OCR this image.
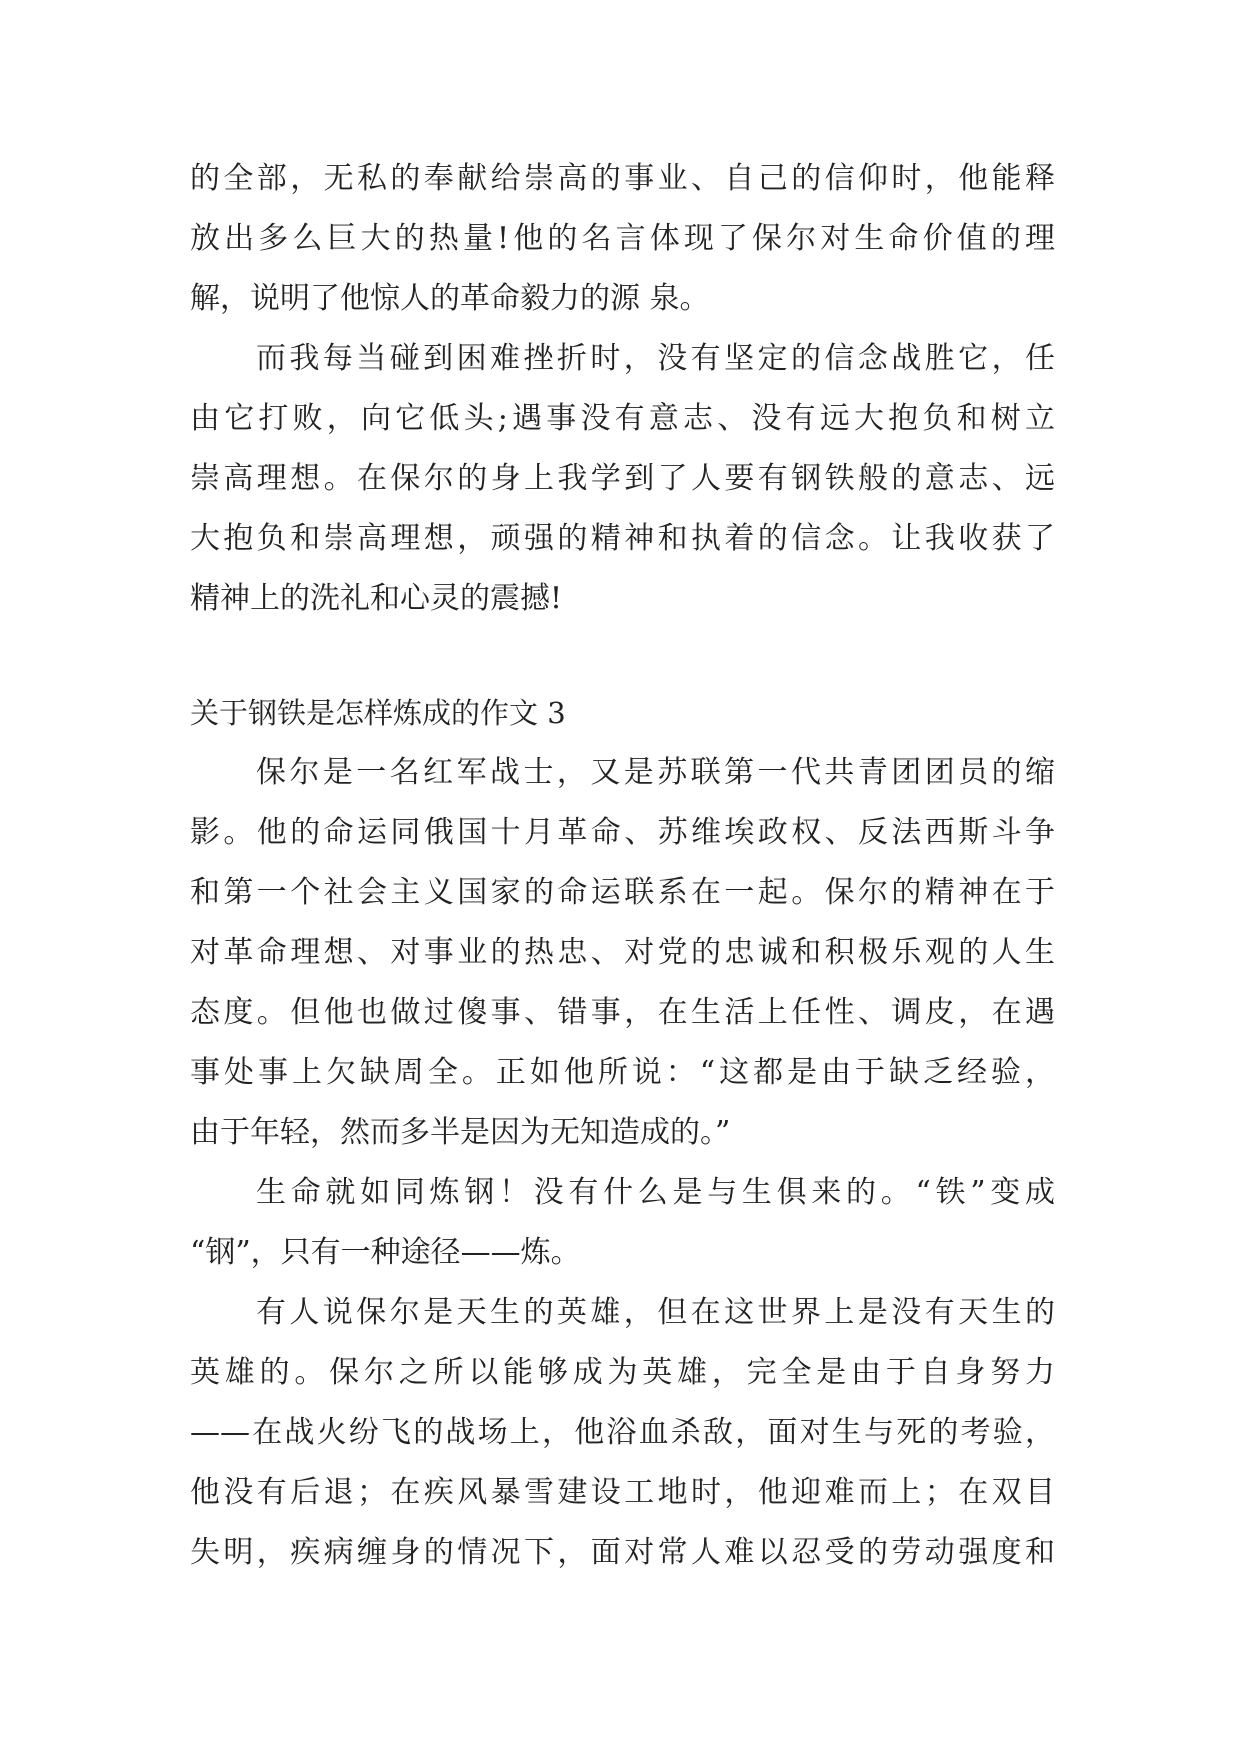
的全部，无私的奉献给崇高的事业、自己的信仰时，他能释
放出多么巨大的热量!他的名言体现了保尔对生命价值的理
解，说明了他惊人的革命毅力的源 泉。
而我每当碰到困难挫折时，没有坚定的信念战胜它，任
由它打败，向它低头;遇事没有意志、没有远大抱负和树立
崇高理想。在保尔的身上我学到了人要有钢铁般的意志、远
大抱负和崇高理想，顽强的精神和执着的信念。让我收获了
精神上的洗礼和心灵的震撼!
关于钢铁是怎样炼成的作文 3
保尔是一名红军战士，又是苏联第一代共青团团员的缩
影。他的命运同俄国十月革命、苏维埃政权、反法西斯斗争
和第一个社会主义国家的命运联系在一起。保尔的精神在于
对革命理想、对事业的热忠、对党的忠诚和积极乐观的人生
态度。但他也做过傻事、错事，在生活上任性、调皮，在遇
事处事上欠缺周全。正如他所说：“这都是由于缺乏经验，
由于年轻，然而多半是因为无知造成的。”
生命就如同炼钢！没有什么是与生俱来的。“铁”变成
“钢”，只有一种途径——炼。
有人说保尔是天生的英雄，但在这世界上是没有天生的
英雄的。保尔之所以能够成为英雄，完全是由于自身努力
——在战火纷飞的战场上，他浴血杀敌，面对生与死的考验，
他没有后退；在疾风暴雪建设工地时，他迎难而上；在双目
失明，疾病缠身的情况下，面对常人难以忍受的劳动强度和
